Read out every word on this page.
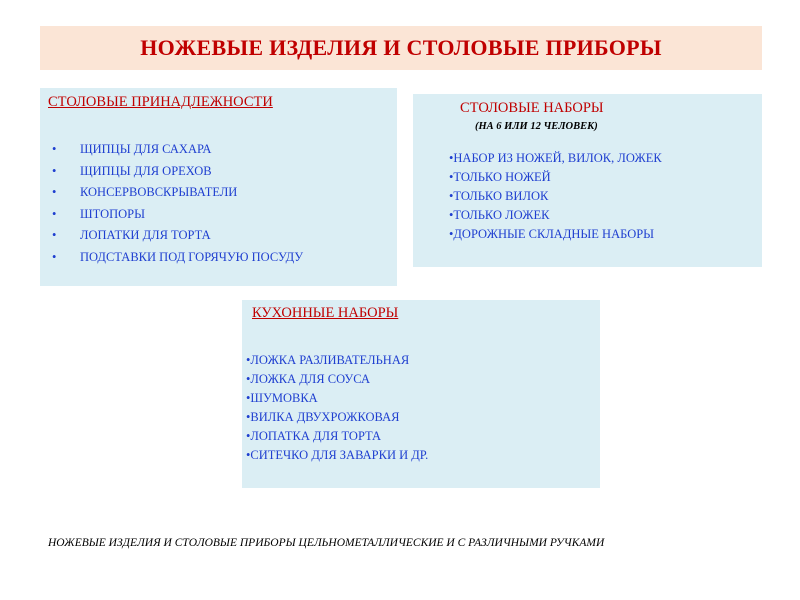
НОЖЕВЫЕ ИЗДЕЛИЯ И СТОЛОВЫЕ ПРИБОРЫ
СТОЛОВЫЕ ПРИНАДЛЕЖНОСТИ
• ЩИПЦЫ ДЛЯ САХАРА
• ЩИПЦЫ ДЛЯ ОРЕХОВ
• КОНСЕРВОВСКРЫВАТЕЛИ
• ШТОПОРЫ
• ЛОПАТКИ ДЛЯ ТОРТА
• ПОДСТАВКИ ПОД ГОРЯЧУЮ ПОСУДУ
СТОЛОВЫЕ НАБОРЫ
(НА 6 ИЛИ 12 ЧЕЛОВЕК)
•НАБОР ИЗ НОЖЕЙ, ВИЛОК, ЛОЖЕК
•ТОЛЬКО НОЖЕЙ
•ТОЛЬКО ВИЛОК
•ТОЛЬКО ЛОЖЕК
•ДОРОЖНЫЕ СКЛАДНЫЕ НАБОРЫ
КУХОННЫЕ НАБОРЫ
•ЛОЖКА РАЗЛИВАТЕЛЬНАЯ
•ЛОЖКА ДЛЯ СОУСА
•ШУМОВКА
•ВИЛКА ДВУХРОЖКОВАЯ
•ЛОПАТКА ДЛЯ ТОРТА
•СИТЕЧКО ДЛЯ ЗАВАРКИ И ДР.
НОЖЕВЫЕ ИЗДЕЛИЯ И СТОЛОВЫЕ ПРИБОРЫ ЦЕЛЬНОМЕТАЛЛИЧЕСКИЕ И С РАЗЛИЧНЫМИ РУЧКАМИ
